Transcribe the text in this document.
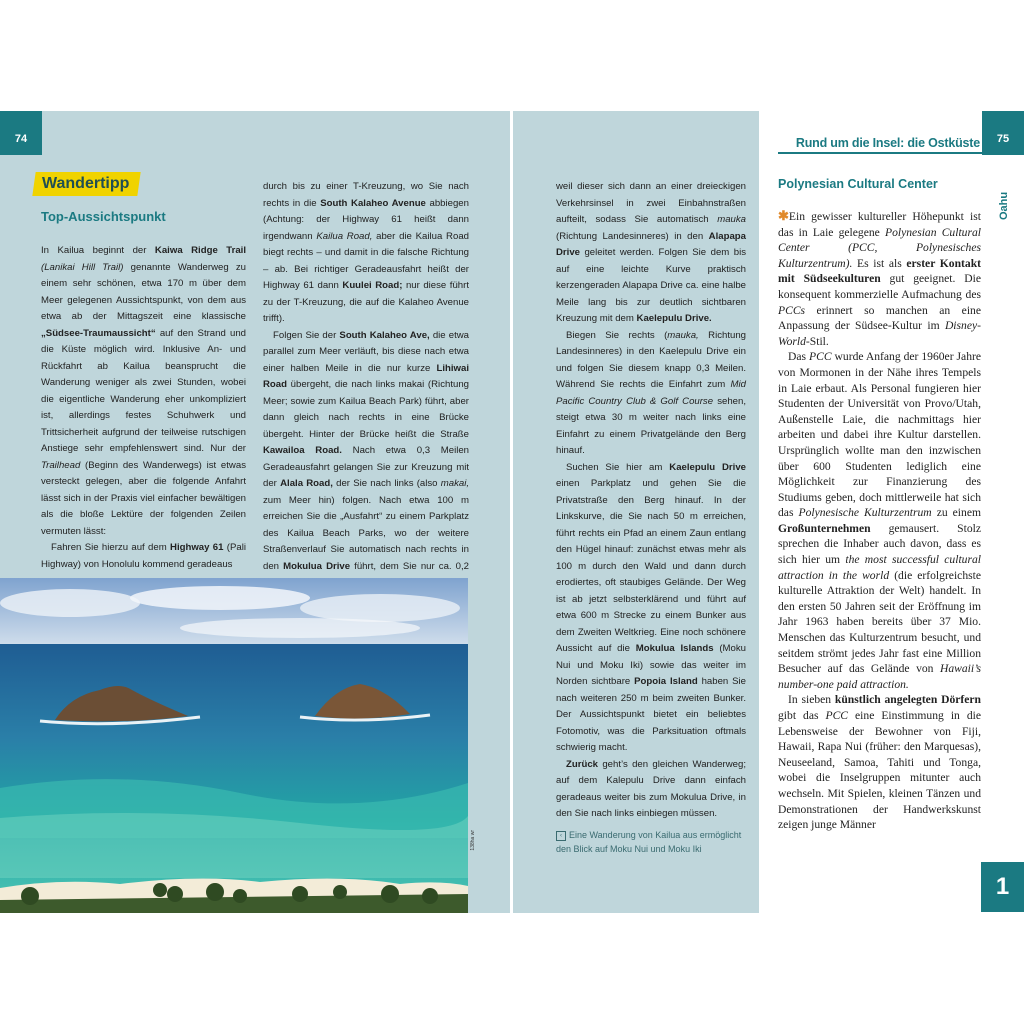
74	75
Rund um die Insel: die Ostküste
Oahu
1
Wandertipp
Top-Aussichtspunkt

In Kailua beginnt der Kaiwa Ridge Trail (Lanikai Hill Trail) genannte Wanderweg zu einem sehr schönen, etwa 170 m über dem Meer gelegenen Aussichtspunkt, von dem aus etwa ab der Mittagszeit eine klassische „Südsee-Traumaussicht“ auf den Strand und die Küste möglich wird. Inklusive An- und Rückfahrt ab Kailua beansprucht die Wanderung weniger als zwei Stunden, wobei die eigentliche Wanderung eher unkompliziert ist, allerdings festes Schuhwerk und Trittsicherheit aufgrund der teilweise rutschigen Anstiege sehr empfehlenswert sind. Nur der Trailhead (Beginn des Wanderwegs) ist etwas versteckt gelegen, aber die folgende Anfahrt lässt sich in der Praxis viel einfacher bewältigen als die bloße Lektüre der folgenden Zeilen vermuten lässt:

Fahren Sie hierzu auf dem Highway 61 (Pali Highway) von Honolulu kommend geradeaus

durch bis zu einer T-Kreuzung, wo Sie nach rechts in die South Kalaheo Avenue abbiegen (Achtung: der Highway 61 heißt dann irgendwann Kailua Road, aber die Kailua Road biegt rechts – und damit in die falsche Richtung – ab. Bei richtiger Geradeausfahrt heißt der Highway 61 dann Kuulei Road; nur diese führt zu der T-Kreuzung, die auf die Kalaheo Avenue trifft).

Folgen Sie der South Kalaheo Ave, die etwa parallel zum Meer verläuft, bis diese nach etwa einer halben Meile in die nur kurze Lihiwai Road übergeht, die nach links makai (Richtung Meer; sowie zum Kailua Beach Park) führt, aber dann gleich nach rechts in eine Brücke übergeht. Hinter der Brücke heißt die Straße Kawailoa Road. Nach etwa 0,3 Meilen Geradeausfahrt gelangen Sie zur Kreuzung mit der Alala Road, der Sie nach links (also makai, zum Meer hin) folgen. Nach etwa 100 m erreichen Sie die „Ausfahrt“ zu einem Parkplatz des Kailua Beach Parks, wo der weitere Straßenverlauf Sie automatisch nach rechts in den Mokulua Drive führt, dem Sie nur ca. 0,2

weil dieser sich dann an einer dreieckigen Verkehrsinsel in zwei Einbahnstraßen aufteilt, sodass Sie automatisch mauka (Richtung Landesinneres) in den Alapapa Drive geleitet werden. Folgen Sie dem bis auf eine leichte Kurve praktisch kerzengeraden Alapapa Drive ca. eine halbe Meile lang bis zur deutlich sichtbaren Kreuzung mit dem Kaelepulu Drive.

Biegen Sie rechts (mauka, Richtung Landesinneres) in den Kaelepulu Drive ein und folgen Sie diesem knapp 0,3 Meilen. Während Sie rechts die Einfahrt zum Mid Pacific Country Club & Golf Course sehen, steigt etwa 30 m weiter nach links eine Einfahrt zu einem Privatgelände den Berg hinauf.

Suchen Sie hier am Kaelepulu Drive einen Parkplatz und gehen Sie die Privatstraße den Berg hinauf. In der Linkskurve, die Sie nach 50 m erreichen, führt rechts ein Pfad an einem Zaun entlang den Hügel hinauf: zunächst etwas mehr als 100 m durch den Wald und dann durch erodiertes, oft staubiges Gelände. Der Weg ist ab jetzt selbsterklärend und führt auf etwa 600 m Strecke zu einem Bunker aus dem Zweiten Weltkrieg. Eine noch schönere Aussicht auf die Mokulua Islands (Moku Nui und Moku Iki) sowie das weiter im Norden sichtbare Popoia Island haben Sie nach weiteren 250 m beim zweiten Bunker. Der Aussichtspunkt bietet ein beliebtes Fotomotiv, was die Parksituation oftmals schwierig macht.

Zurück geht’s den gleichen Wanderweg; auf dem Kalepulu Drive dann einfach geradeaus weiter bis zum Mokulua Drive, in den Sie nach links einbiegen müssen.

138ha wr	‹ Eine Wanderung von Kailua aus ermöglicht den Blick auf Moku Nui und Moku Iki
Polynesian Cultural Center

✱Ein gewisser kultureller Höhepunkt ist das in Laie gelegene Polynesian Cultural Center (PCC, Polynesisches Kulturzentrum). Es ist als erster Kontakt mit Südseekulturen gut geeignet. Die konsequent kommerzielle Aufmachung des PCCs erinnert so manchen an eine Anpassung der Südsee-Kultur im Disney-World-Stil.

Das PCC wurde Anfang der 1960er Jahre von Mormonen in der Nähe ihres Tempels in Laie erbaut. Als Personal fungieren hier Studenten der Universität von Provo/Utah, Außenstelle Laie, die nachmittags hier arbeiten und dabei ihre Kultur darstellen. Ursprünglich wollte man den inzwischen über 600 Studenten lediglich eine Möglichkeit zur Finanzierung des Studiums geben, doch mittlerweile hat sich das Polynesische Kulturzentrum zu einem Großunternehmen gemausert. Stolz sprechen die Inhaber auch davon, dass es sich hier um the most successful cultural attraction in the world (die erfolgreichste kulturelle Attraktion der Welt) handelt. In den ersten 50 Jahren seit der Eröffnung im Jahr 1963 haben bereits über 37 Mio. Menschen das Kulturzentrum besucht, und seitdem strömt jedes Jahr fast eine Million Besucher auf das Gelände von Hawaii’s number-one paid attraction.

In sieben künstlich angelegten Dörfern gibt das PCC eine Einstimmung in die Lebensweise der Bewohner von Fiji, Hawaii, Rapa Nui (früher: den Marquesas), Neuseeland, Samoa, Tahiti und Tonga, wobei die Inselgruppen mitunter auch wechseln. Mit Spielen, kleinen Tänzen und Demonstrationen der Handwerkskunst zeigen junge Männer
